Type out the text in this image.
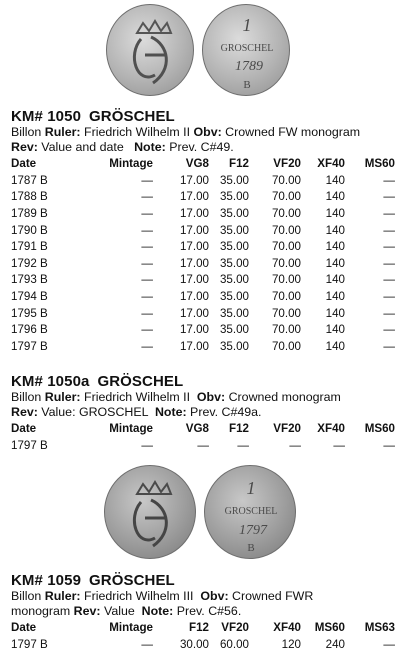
1
GROSCHEL
1789
B
KM# 1050 GRÖSCHEL
Billon Ruler: Friedrich Wilhelm II Obv: Crowned FW monogram
Rev: Value and date   Note: Prev. C#49.
Date	Mintage	VG8 F12 VF20 XF40 MS60
1787 B	— 17.00 35.00 70.00 140	—
1788 B	— 17.00 35.00 70.00 140	—
1789 B	— 17.00 35.00 70.00 140	—
1790 B	— 17.00 35.00 70.00 140	—
1791 B	— 17.00 35.00 70.00 140	—
1792 B	— 17.00 35.00 70.00 140	—
1793 B	— 17.00 35.00 70.00 140	—
1794 B	— 17.00 35.00 70.00 140	—
1795 B	— 17.00 35.00 70.00 140	—
1796 B	— 17.00 35.00 70.00 140	—
1797 B	— 17.00 35.00 70.00 140	—
KM# 1050a GRÖSCHEL
Billon Ruler: Friedrich Wilhelm II  Obv: Crowned monogram
Rev: Value: GROSCHEL  Note: Prev. C#49a.
Date	Mintage	VG8 F12 VF20 XF40 MS60
1797 B	—	— —	—	—	—
1
GROSCHEL
1797
B
KM# 1059 GRÖSCHEL
Billon Ruler: Friedrich Wilhelm III  Obv: Crowned FWR
monogram Rev: Value  Note: Prev. C#56.
Date	Mintage	F12 VF20 XF40 MS60 MS63
1797 B	— 30.00 60.00	120 240	—
